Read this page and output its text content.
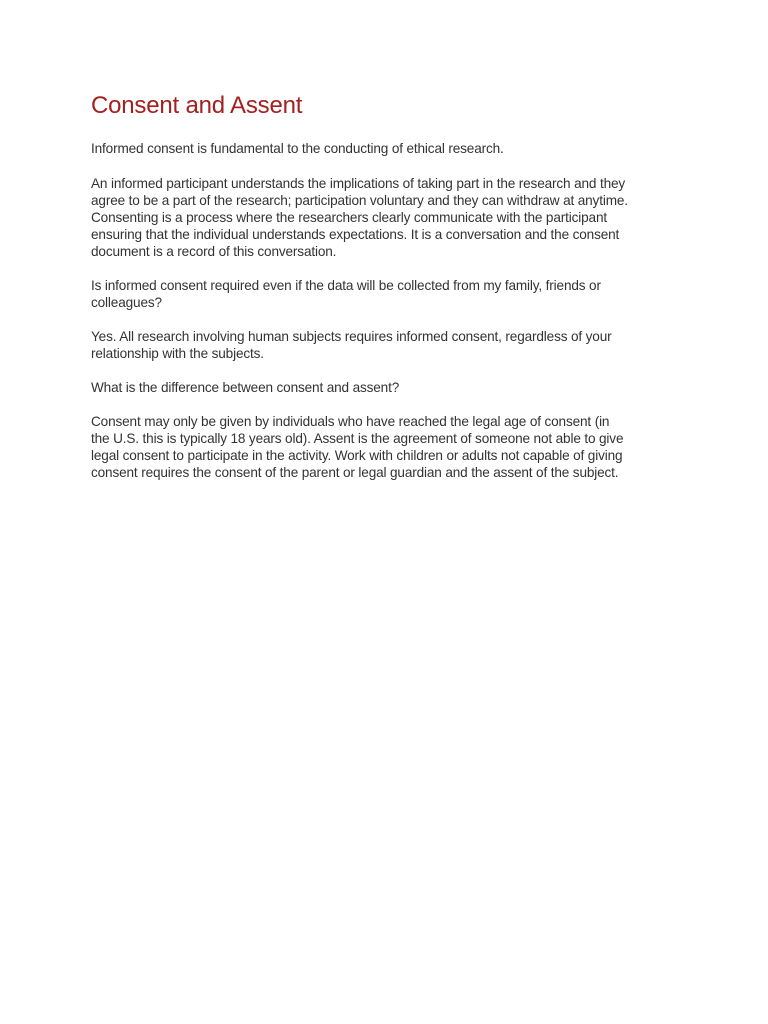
Consent and Assent

Informed consent is fundamental to the conducting of ethical research.

An informed participant understands the implications of taking part in the research and they
agree to be a part of the research; participation voluntary and they can withdraw at anytime.
Consenting is a process where the researchers clearly communicate with the participant
ensuring that the individual understands expectations. It is a conversation and the consent
document is a record of this conversation.

Is informed consent required even if the data will be collected from my family, friends or
colleagues?

Yes. All research involving human subjects requires informed consent, regardless of your
relationship with the subjects.

What is the difference between consent and assent?

Consent may only be given by individuals who have reached the legal age of consent (in
the U.S. this is typically 18 years old). Assent is the agreement of someone not able to give
legal consent to participate in the activity. Work with children or adults not capable of giving
consent requires the consent of the parent or legal guardian and the assent of the subject.
